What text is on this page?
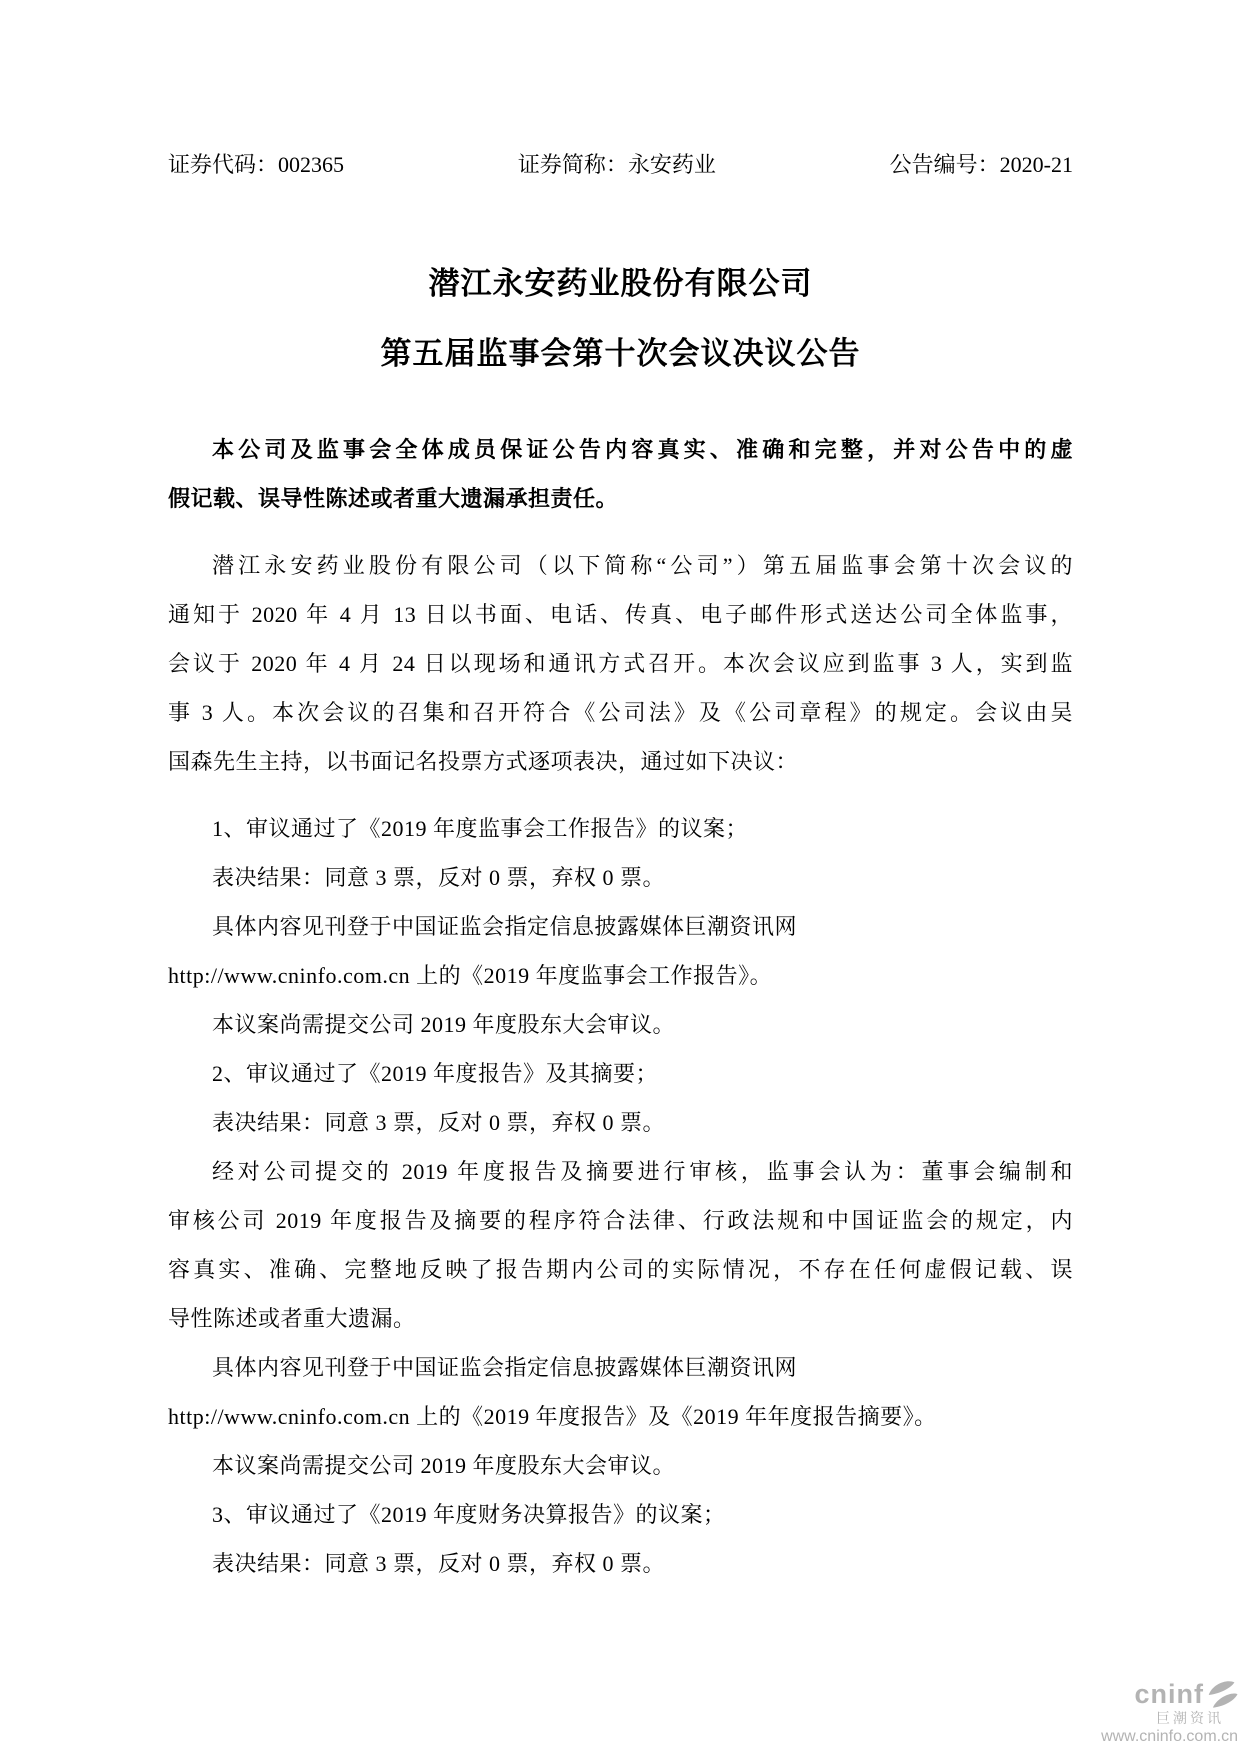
证券代码：002365	证券简称：永安药业	公告编号：2020-21
潜江永安药业股份有限公司
第五届监事会第十次会议决议公告
本公司及监事会全体成员保证公告内容真实、准确和完整，并对公告中的虚
假记载、误导性陈述或者重大遗漏承担责任。
潜江永安药业股份有限公司（以下简称“公司”）第五届监事会第十次会议的
通知于 2020 年 4 月 13 日以书面、电话、传真、电子邮件形式送达公司全体监事，
会议于 2020 年 4 月 24 日以现场和通讯方式召开。本次会议应到监事 3 人，实到监
事 3 人。本次会议的召集和召开符合《公司法》及《公司章程》的规定。会议由吴
国森先生主持，以书面记名投票方式逐项表决，通过如下决议：
1、审议通过了《2019 年度监事会工作报告》的议案；
表决结果：同意 3 票，反对 0 票，弃权 0 票。
具体内容见刊登于中国证监会指定信息披露媒体巨潮资讯网
http://www.cninfo.com.cn 上的《2019 年度监事会工作报告》。
本议案尚需提交公司 2019 年度股东大会审议。
2、审议通过了《2019 年度报告》及其摘要；
表决结果：同意 3 票，反对 0 票，弃权 0 票。
经对公司提交的 2019 年度报告及摘要进行审核，监事会认为：董事会编制和
审核公司 2019 年度报告及摘要的程序符合法律、行政法规和中国证监会的规定，内
容真实、准确、完整地反映了报告期内公司的实际情况，不存在任何虚假记载、误
导性陈述或者重大遗漏。
具体内容见刊登于中国证监会指定信息披露媒体巨潮资讯网
http://www.cninfo.com.cn 上的《2019 年度报告》及《2019 年年度报告摘要》。
本议案尚需提交公司 2019 年度股东大会审议。
3、审议通过了《2019 年度财务决算报告》的议案；
表决结果：同意 3 票，反对 0 票，弃权 0 票。
cninf
巨潮资讯
www.cninfo.com.cn
